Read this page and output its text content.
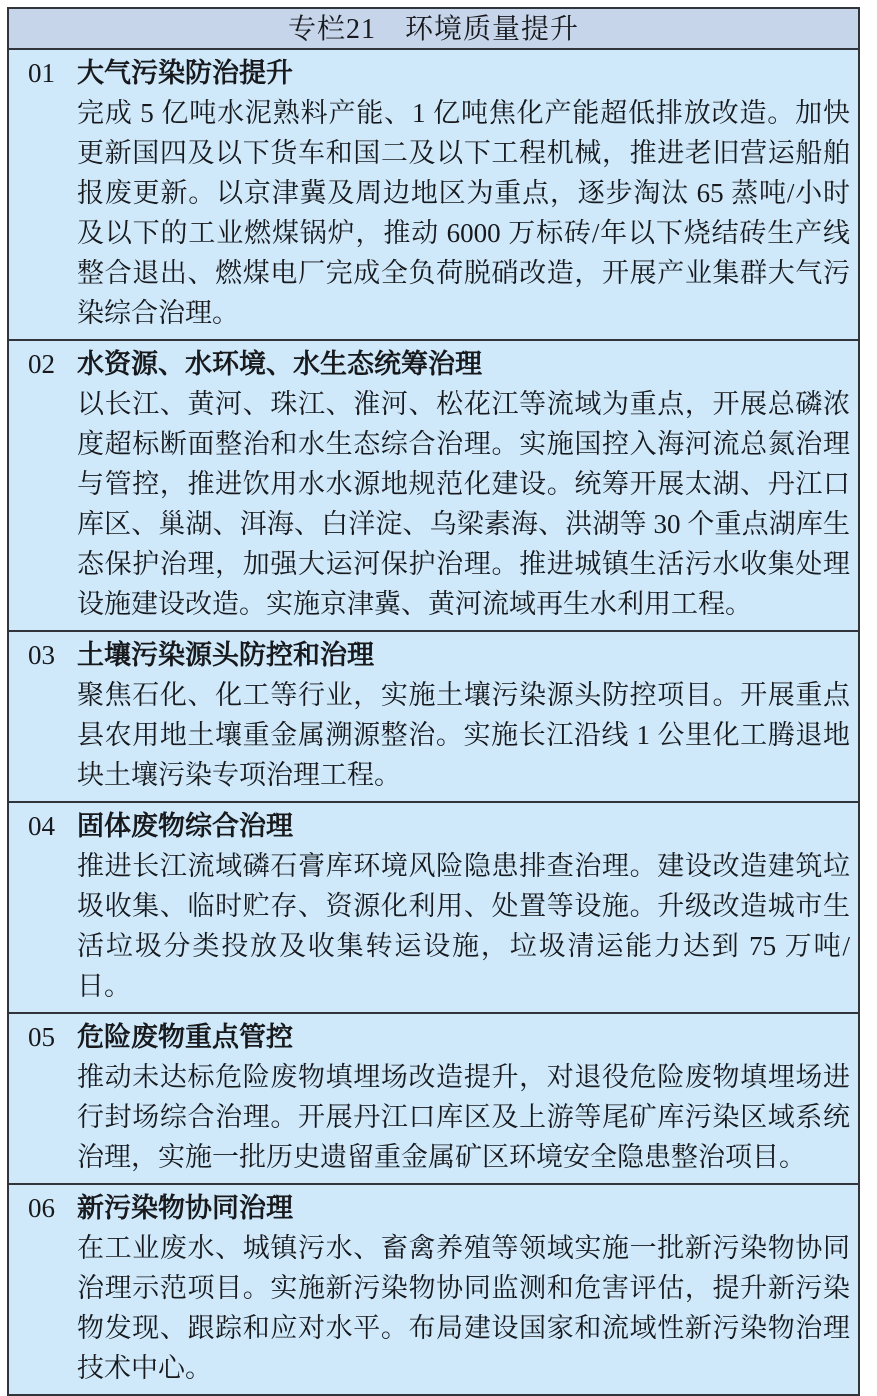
专栏21　环境质量提升
01 大气污染防治提升

完成 5 亿吨水泥熟料产能、1 亿吨焦化产能超低排放改造。加快更新国四及以下货车和国二及以下工程机械，推进老旧营运船舶报废更新。以京津冀及周边地区为重点，逐步淘汰 65 蒸吨/小时及以下的工业燃煤锅炉，推动 6000 万标砖/年以下烧结砖生产线整合退出、燃煤电厂完成全负荷脱硝改造，开展产业集群大气污染综合治理。

02 水资源、水环境、水生态统筹治理

以长江、黄河、珠江、淮河、松花江等流域为重点，开展总磷浓度超标断面整治和水生态综合治理。实施国控入海河流总氮治理与管控，推进饮用水水源地规范化建设。统筹开展太湖、丹江口库区、巢湖、洱海、白洋淀、乌梁素海、洪湖等 30 个重点湖库生态保护治理，加强大运河保护治理。推进城镇生活污水收集处理设施建设改造。实施京津冀、黄河流域再生水利用工程。

03 土壤污染源头防控和治理

聚焦石化、化工等行业，实施土壤污染源头防控项目。开展重点县农用地土壤重金属溯源整治。实施长江沿线 1 公里化工腾退地块土壤污染专项治理工程。

04 固体废物综合治理

推进长江流域磷石膏库环境风险隐患排查治理。建设改造建筑垃圾收集、临时贮存、资源化利用、处置等设施。升级改造城市生活垃圾分类投放及收集转运设施，垃圾清运能力达到 75 万吨/日。

05 危险废物重点管控

推动未达标危险废物填埋场改造提升，对退役危险废物填埋场进行封场综合治理。开展丹江口库区及上游等尾矿库污染区域系统治理，实施一批历史遗留重金属矿区环境安全隐患整治项目。

06 新污染物协同治理

在工业废水、城镇污水、畜禽养殖等领域实施一批新污染物协同治理示范项目。实施新污染物协同监测和危害评估，提升新污染物发现、跟踪和应对水平。布局建设国家和流域性新污染物治理技术中心。
